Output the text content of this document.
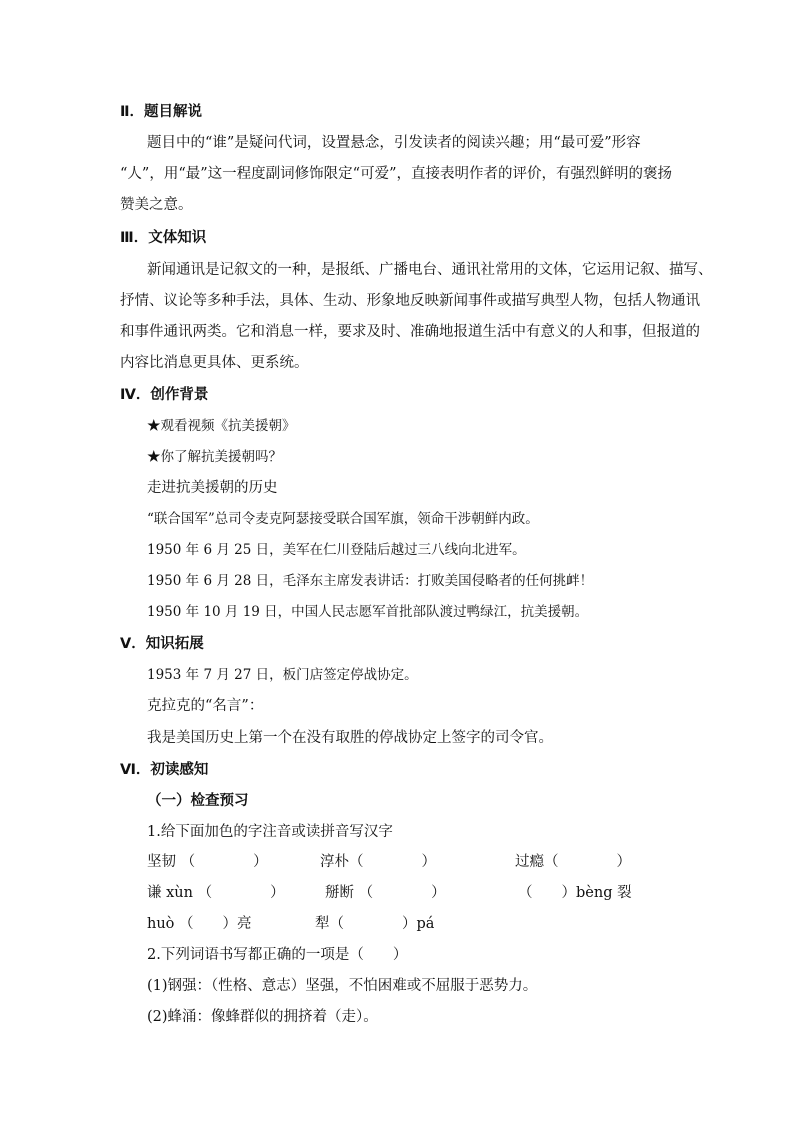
Ⅱ．题目解说
题目中的“谁”是疑问代词，设置悬念，引发读者的阅读兴趣；用“最可爱”形容
“人”，用“最”这一程度副词修饰限定“可爱”，直接表明作者的评价，有强烈鲜明的褒扬
赞美之意。
Ⅲ．文体知识
新闻通讯是记叙文的一种，是报纸、广播电台、通讯社常用的文体，它运用记叙、描写、
抒情、议论等多种手法，具体、生动、形象地反映新闻事件或描写典型人物，包括人物通讯
和事件通讯两类。它和消息一样，要求及时、准确地报道生活中有意义的人和事，但报道的
内容比消息更具体、更系统。
Ⅳ．创作背景
★观看视频《抗美援朝》
★你了解抗美援朝吗？
走进抗美援朝的历史
“联合国军”总司令麦克阿瑟接受联合国军旗，领命干涉朝鲜内政。
1950 年 6 月 25 日，美军在仁川登陆后越过三八线向北进军。
1950 年 6 月 28 日，毛泽东主席发表讲话：打败美国侵略者的任何挑衅！
1950 年 10 月 19 日，中国人民志愿军首批部队渡过鸭绿江，抗美援朝。
Ⅴ．知识拓展
1953 年 7 月 27 日，板门店签定停战协定。
克拉克的“名言”：
我是美国历史上第一个在没有取胜的停战协定上签字的司令官。
Ⅵ．初读感知
（一）检查预习
1.给下面加色的字注音或读拼音写汉字
坚韧 （　　　　）	淳朴（　　　　）	过瘾（　　　　）
谦 xùn （　　　　）	掰断 （　　　　）	（　　）bèng 裂
huò （　　）亮	犁（　　　　）pá
2.下列词语书写都正确的一项是（　　）
(1)钢强：（性格、意志）坚强，不怕困难或不屈服于恶势力。
(2)蜂涌：像蜂群似的拥挤着（走）。
